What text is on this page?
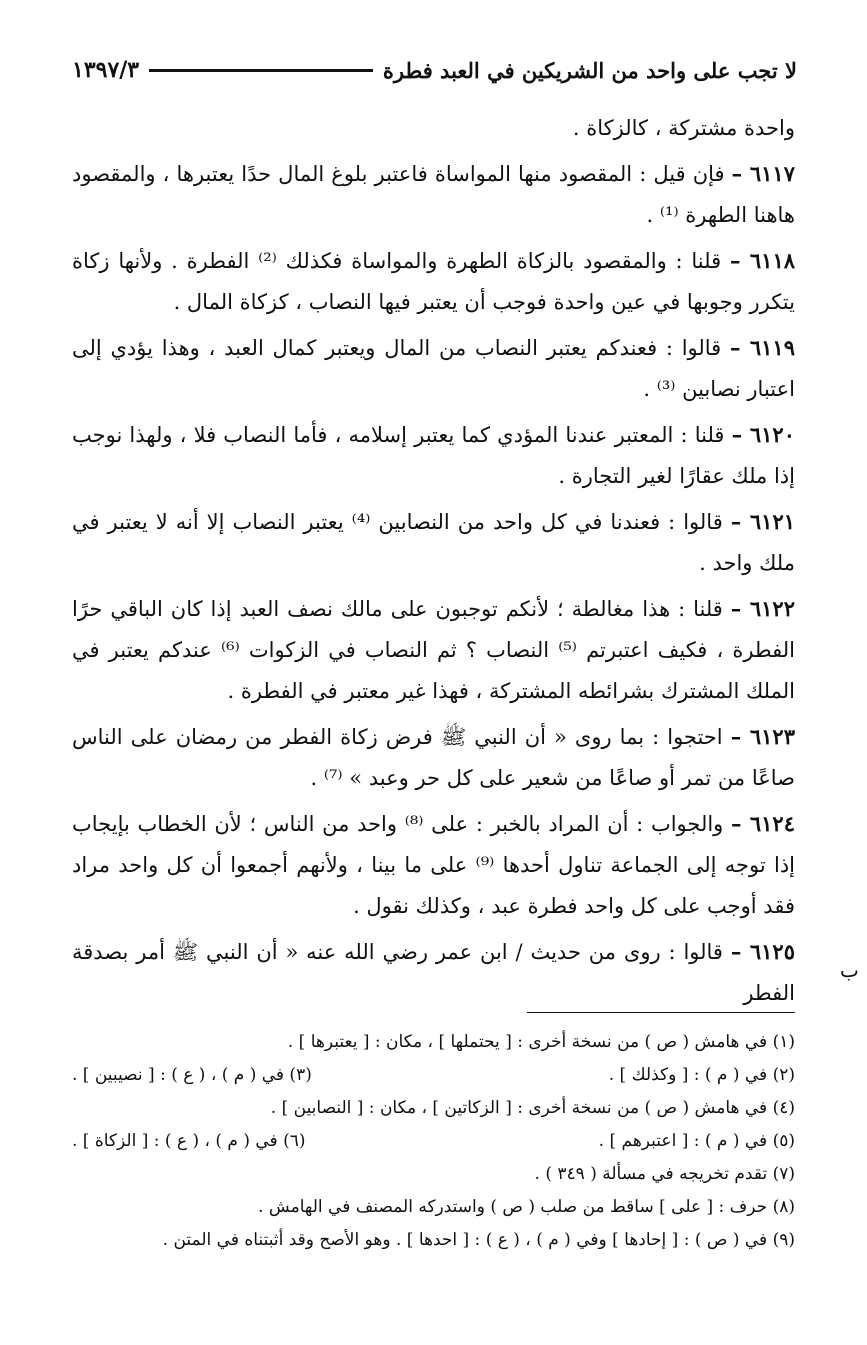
لا تجب على واحد من الشريكين في العبد فطرة
١٣٩٧/٣

واحدة مشتركة ، كالزكاة .

٦١١٧ – فإن قيل : المقصود منها المواساة فاعتبر بلوغ المال حدًا يعتبرها ، والمقصود هاهنا الطهرة ⁽¹⁾ .

٦١١٨ – قلنا : والمقصود بالزكاة الطهرة والمواساة فكذلك ⁽²⁾ الفطرة . ولأنها زكاة يتكرر وجوبها في عين واحدة فوجب أن يعتبر فيها النصاب ، كزكاة المال .

٦١١٩ – قالوا : فعندكم يعتبر النصاب من المال ويعتبر كمال العبد ، وهذا يؤدي إلى اعتبار نصابين ⁽³⁾ .

٦١٢٠ – قلنا : المعتبر عندنا المؤدي كما يعتبر إسلامه ، فأما النصاب فلا ، ولهذا نوجب إذا ملك عقارًا لغير التجارة .

٦١٢١ – قالوا : فعندنا في كل واحد من النصابين ⁽⁴⁾ يعتبر النصاب إلا أنه لا يعتبر في ملك واحد .

٦١٢٢ – قلنا : هذا مغالطة ؛ لأنكم توجبون على مالك نصف العبد إذا كان الباقي حرًا الفطرة ، فكيف اعتبرتم ⁽⁵⁾ النصاب ؟ ثم النصاب في الزكوات ⁽⁶⁾ عندكم يعتبر في الملك المشترك بشرائطه المشتركة ، فهذا غير معتبر في الفطرة .

٦١٢٣ – احتجوا : بما روى « أن النبي ﷺ فرض زكاة الفطر من رمضان على الناس صاعًا من تمر أو صاعًا من شعير على كل حر وعبد » ⁽⁷⁾ .

٦١٢٤ – والجواب : أن المراد بالخبر : على ⁽⁸⁾ واحد من الناس ؛ لأن الخطاب بإيجاب إذا توجه إلى الجماعة تناول أحدها ⁽⁹⁾ على ما بينا ، ولأنهم أجمعوا أن كل واحد مراد فقد أوجب على كل واحد فطرة عبد ، وكذلك نقول .

٦١٢٥ – قالوا : روى من حديث / ابن عمر رضي الله عنه « أن النبي ﷺ أمر بصدقة الفطر

ب

(١) في هامش ( ص ) من نسخة أخرى : [ يحتملها ] ، مكان : [ يعتبرها ] .

(٢) في ( م ) : [ وكذلك ] .

(٣) في ( م ) ، ( ع ) : [ نصيبين ] .

(٤) في هامش ( ص ) من نسخة أخرى : [ الزكاتين ] ، مكان : [ النصابين ] .

(٥) في ( م ) : [ اعتبرهم ] .

(٦) في ( م ) ، ( ع ) : [ الزكاة ] .

(٧) تقدم تخريجه في مسألة ( ٣٤٩ ) .

(٨) حرف : [ على ] ساقط من صلب ( ص ) واستدركه المصنف في الهامش .

(٩) في ( ص ) : [ إحادها ] وفي ( م ) ، ( ع ) : [ احدها ] . وهو الأصح وقد أثبتناه في المتن .
